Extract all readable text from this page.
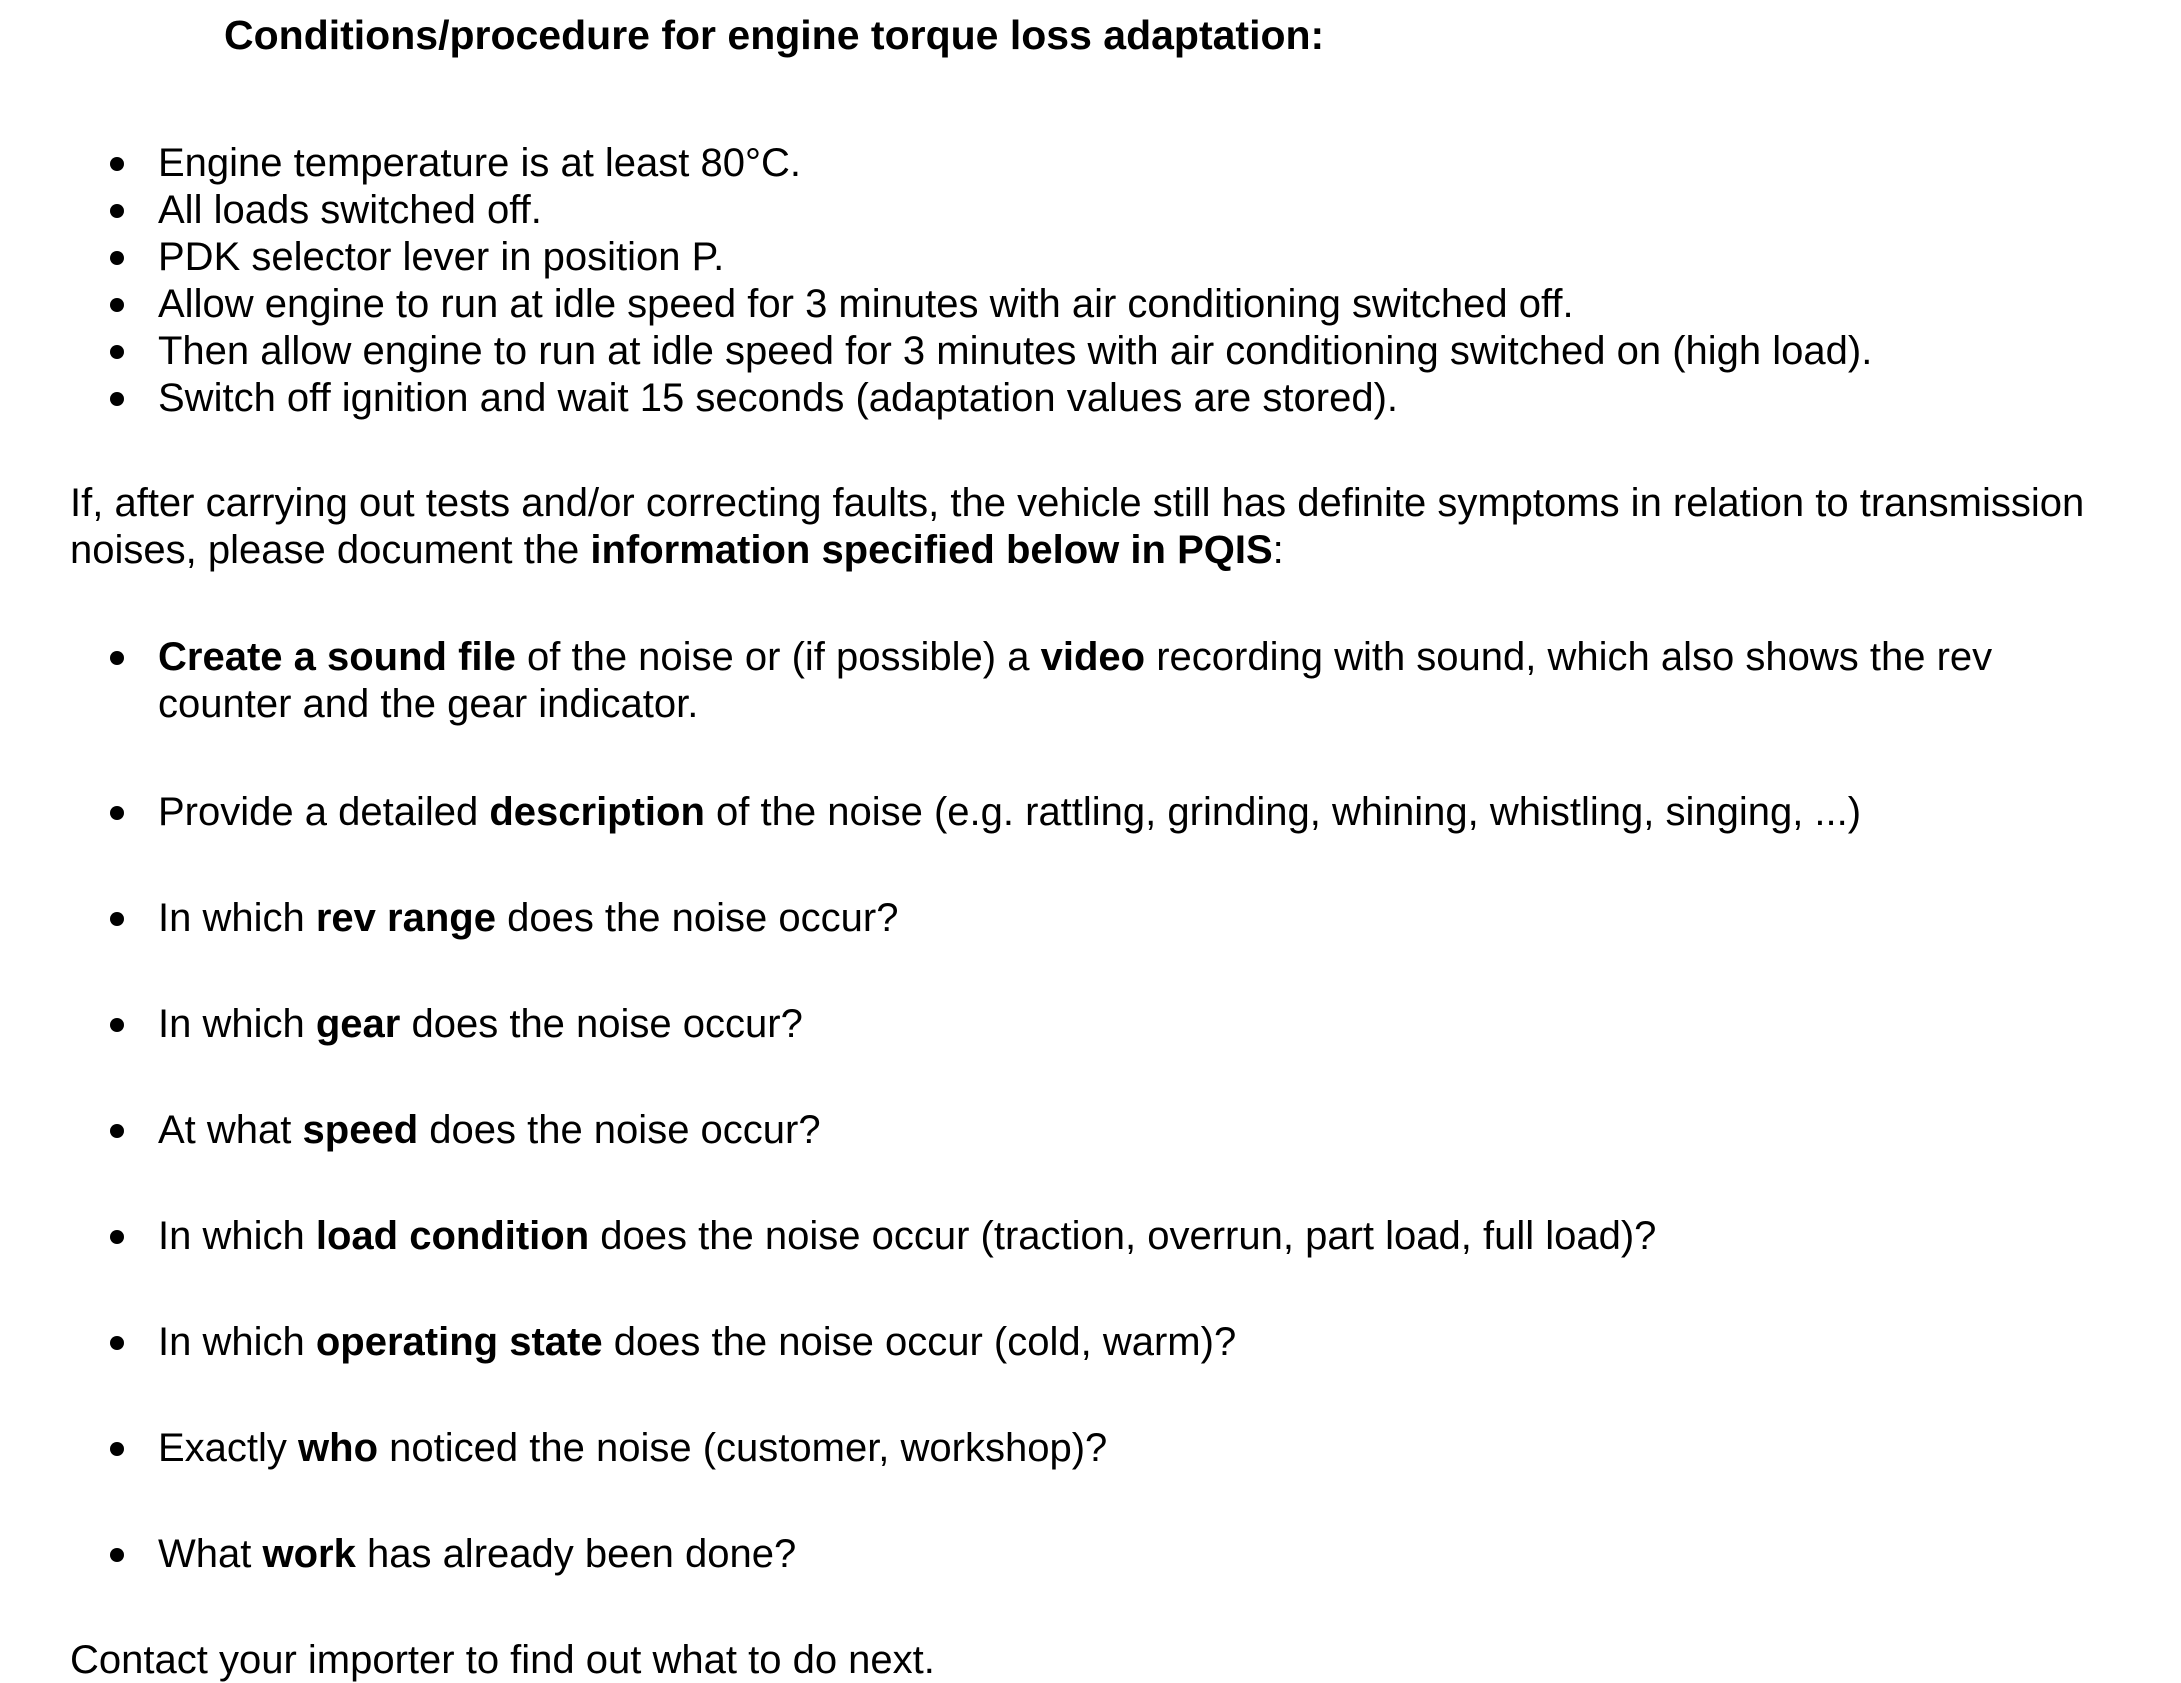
Conditions/procedure for engine torque loss adaptation:
Engine temperature is at least 80°C.
All loads switched off.
PDK selector lever in position P.
Allow engine to run at idle speed for 3 minutes with air conditioning switched off.
Then allow engine to run at idle speed for 3 minutes with air conditioning switched on (high load).
Switch off ignition and wait 15 seconds (adaptation values are stored).
If, after carrying out tests and/or correcting faults, the vehicle still has definite symptoms in relation to transmission
noises, please document the information specified below in PQIS:
Create a sound file of the noise or (if possible) a video recording with sound, which also shows the rev
counter and the gear indicator.
Provide a detailed description of the noise (e.g. rattling, grinding, whining, whistling, singing, ...)
In which rev range does the noise occur?
In which gear does the noise occur?
At what speed does the noise occur?
In which load condition does the noise occur (traction, overrun, part load, full load)?
In which operating state does the noise occur (cold, warm)?
Exactly who noticed the noise (customer, workshop)?
What work has already been done?
Contact your importer to find out what to do next.
